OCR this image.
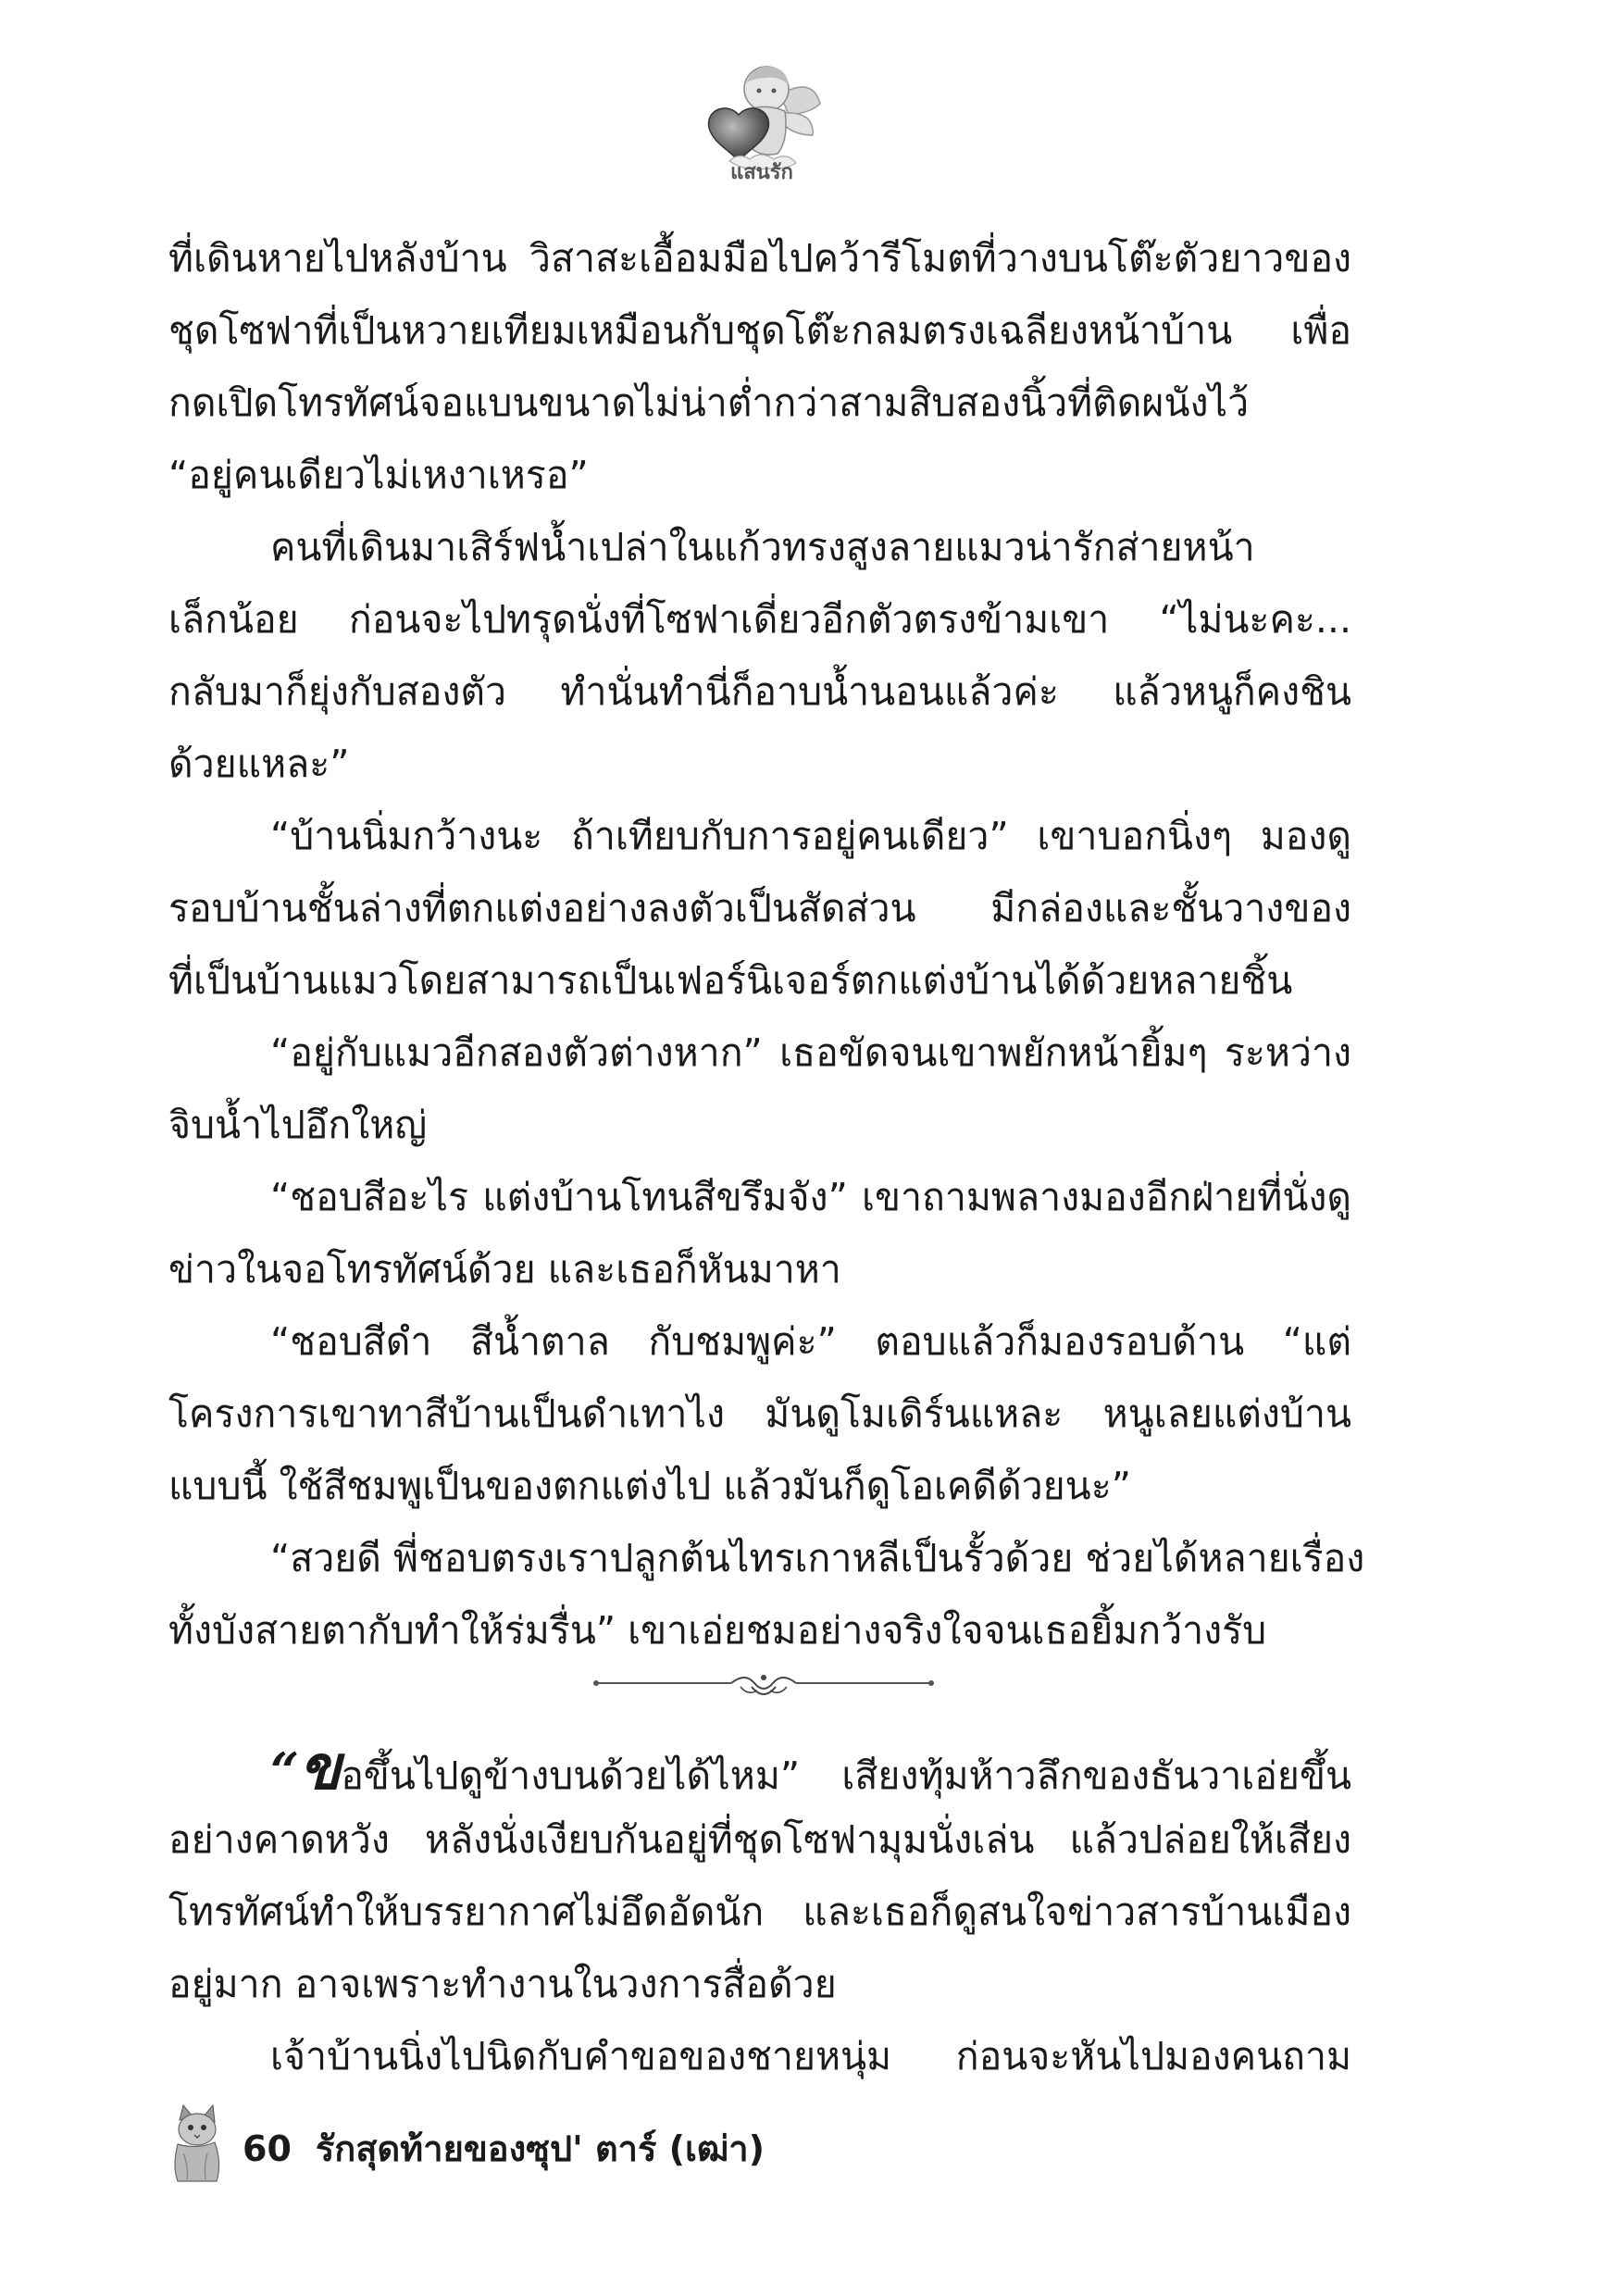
แสนรัก
ที่เดินหายไปหลังบ้าน วิสาสะเอื้อมมือไปคว้ารีโมตที่วางบนโต๊ะตัวยาวของ
ชุดโซฟาที่เป็นหวายเทียมเหมือนกับชุดโต๊ะกลมตรงเฉลียงหน้าบ้าน เพื่อ
กดเปิดโทรทัศน์จอแบนขนาดไม่น่าต่ำกว่าสามสิบสองนิ้วที่ติดผนังไว้
“อยู่คนเดียวไม่เหงาเหรอ”
คนที่เดินมาเสิร์ฟน้ำเปล่าในแก้วทรงสูงลายแมวน่ารักส่ายหน้า
เล็กน้อย ก่อนจะไปทรุดนั่งที่โซฟาเดี่ยวอีกตัวตรงข้ามเขา “ไม่นะคะ...
กลับมาก็ยุ่งกับสองตัว ทำนั่นทำนี่ก็อาบน้ำนอนแล้วค่ะ แล้วหนูก็คงชิน
ด้วยแหละ”
“บ้านนิ่มกว้างนะ ถ้าเทียบกับการอยู่คนเดียว” เขาบอกนิ่งๆ มองดู
รอบบ้านชั้นล่างที่ตกแต่งอย่างลงตัวเป็นสัดส่วน มีกล่องและชั้นวางของ
ที่เป็นบ้านแมวโดยสามารถเป็นเฟอร์นิเจอร์ตกแต่งบ้านได้ด้วยหลายชิ้น
“อยู่กับแมวอีกสองตัวต่างหาก” เธอขัดจนเขาพยักหน้ายิ้มๆ ระหว่าง
จิบน้ำไปอึกใหญ่
“ชอบสีอะไร แต่งบ้านโทนสีขรึมจัง” เขาถามพลางมองอีกฝ่ายที่นั่งดู
ข่าวในจอโทรทัศน์ด้วย และเธอก็หันมาหา
“ชอบสีดำ สีน้ำตาล กับชมพูค่ะ” ตอบแล้วก็มองรอบด้าน “แต่
โครงการเขาทาสีบ้านเป็นดำเทาไง มันดูโมเดิร์นแหละ หนูเลยแต่งบ้าน
แบบนี้ ใช้สีชมพูเป็นของตกแต่งไป แล้วมันก็ดูโอเคดีด้วยนะ”
“สวยดี พี่ชอบตรงเราปลูกต้นไทรเกาหลีเป็นรั้วด้วย ช่วยได้หลายเรื่อง
ทั้งบังสายตากับทำให้ร่มรื่น” เขาเอ่ยชมอย่างจริงใจจนเธอยิ้มกว้างรับ
“ขอขึ้นไปดูข้างบนด้วยได้ไหม” เสียงทุ้มห้าวลึกของธันวาเอ่ยขึ้น
อย่างคาดหวัง หลังนั่งเงียบกันอยู่ที่ชุดโซฟามุมนั่งเล่น แล้วปล่อยให้เสียง
โทรทัศน์ทำให้บรรยากาศไม่อึดอัดนัก และเธอก็ดูสนใจข่าวสารบ้านเมือง
อยู่มาก อาจเพราะทำงานในวงการสื่อด้วย
เจ้าบ้านนิ่งไปนิดกับคำขอของชายหนุ่ม ก่อนจะหันไปมองคนถาม
60 รักสุดท้ายของซุป' ตาร์ (เฒ่า)
